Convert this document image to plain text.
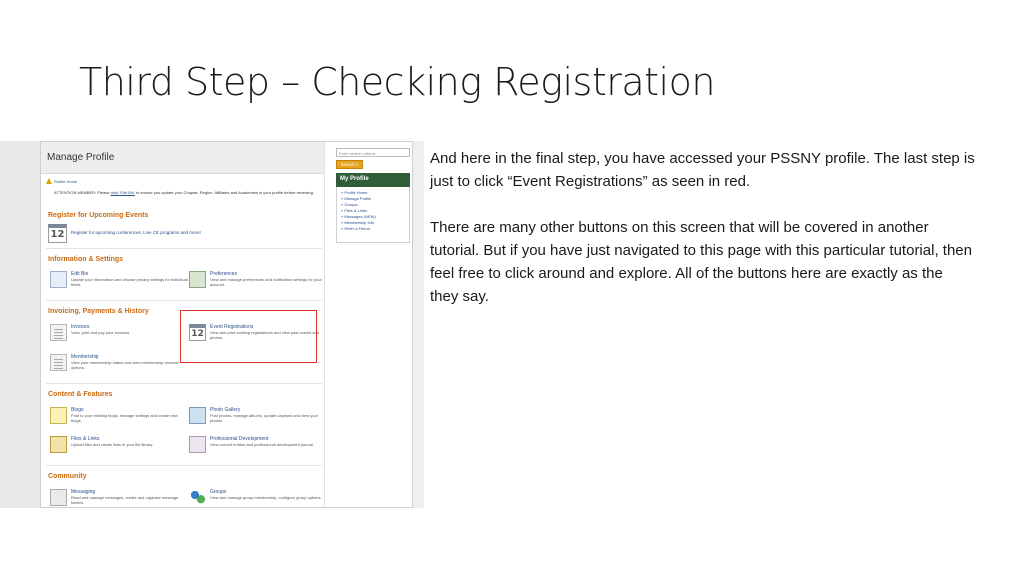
Third Step – Checking Registration
Manage Profile
Profile Home
ATTENTION MEMBER: Please click 'Edit Bio' to ensure you update your Chapter, Region, Affiliates and Academies in your profile before renewing.
Register for Upcoming Events
12	Register for upcoming conferences, Live CE programs and more!
Information & Settings
Edit Bio
Update your information and choose privacy settings for individual fields.
Preferences
View and manage preferences and notification settings for your account.
Invoicing, Payments & History
Invoices
View, print and pay your invoices.	12
Event Registrations
View and print existing registrations and view past events and photos.
Membership
View your membership status and view membership renewal options.
Content & Features
Blogs
Post to your existing blogs, manage settings and create new blogs.
Photo Gallery
Post photos, manage albums, update captions and view your photos.
Files & Links
Upload files and create links in your file library.
Professional Development
View current entries and professional development journal.
Community
Messaging
Read and manage messages, create and organize message folders.
Groups
View and manage group membership, configure group options.
Enter search criteria...
Search »
My Profile
» Profile Home
» Manage Profile
» Groups
» Files & Links
» Messages (NEW)
» Membership Info
» Refer a Friend
And here in the final step, you have accessed your PSSNY profile. The last step is just to click “Event Registrations” as seen in red.
There are many other buttons on this screen that will be covered in another tutorial. But if you have just navigated to this page with this particular tutorial, then feel free to click around and explore. All of the buttons here are exactly as the they say.
